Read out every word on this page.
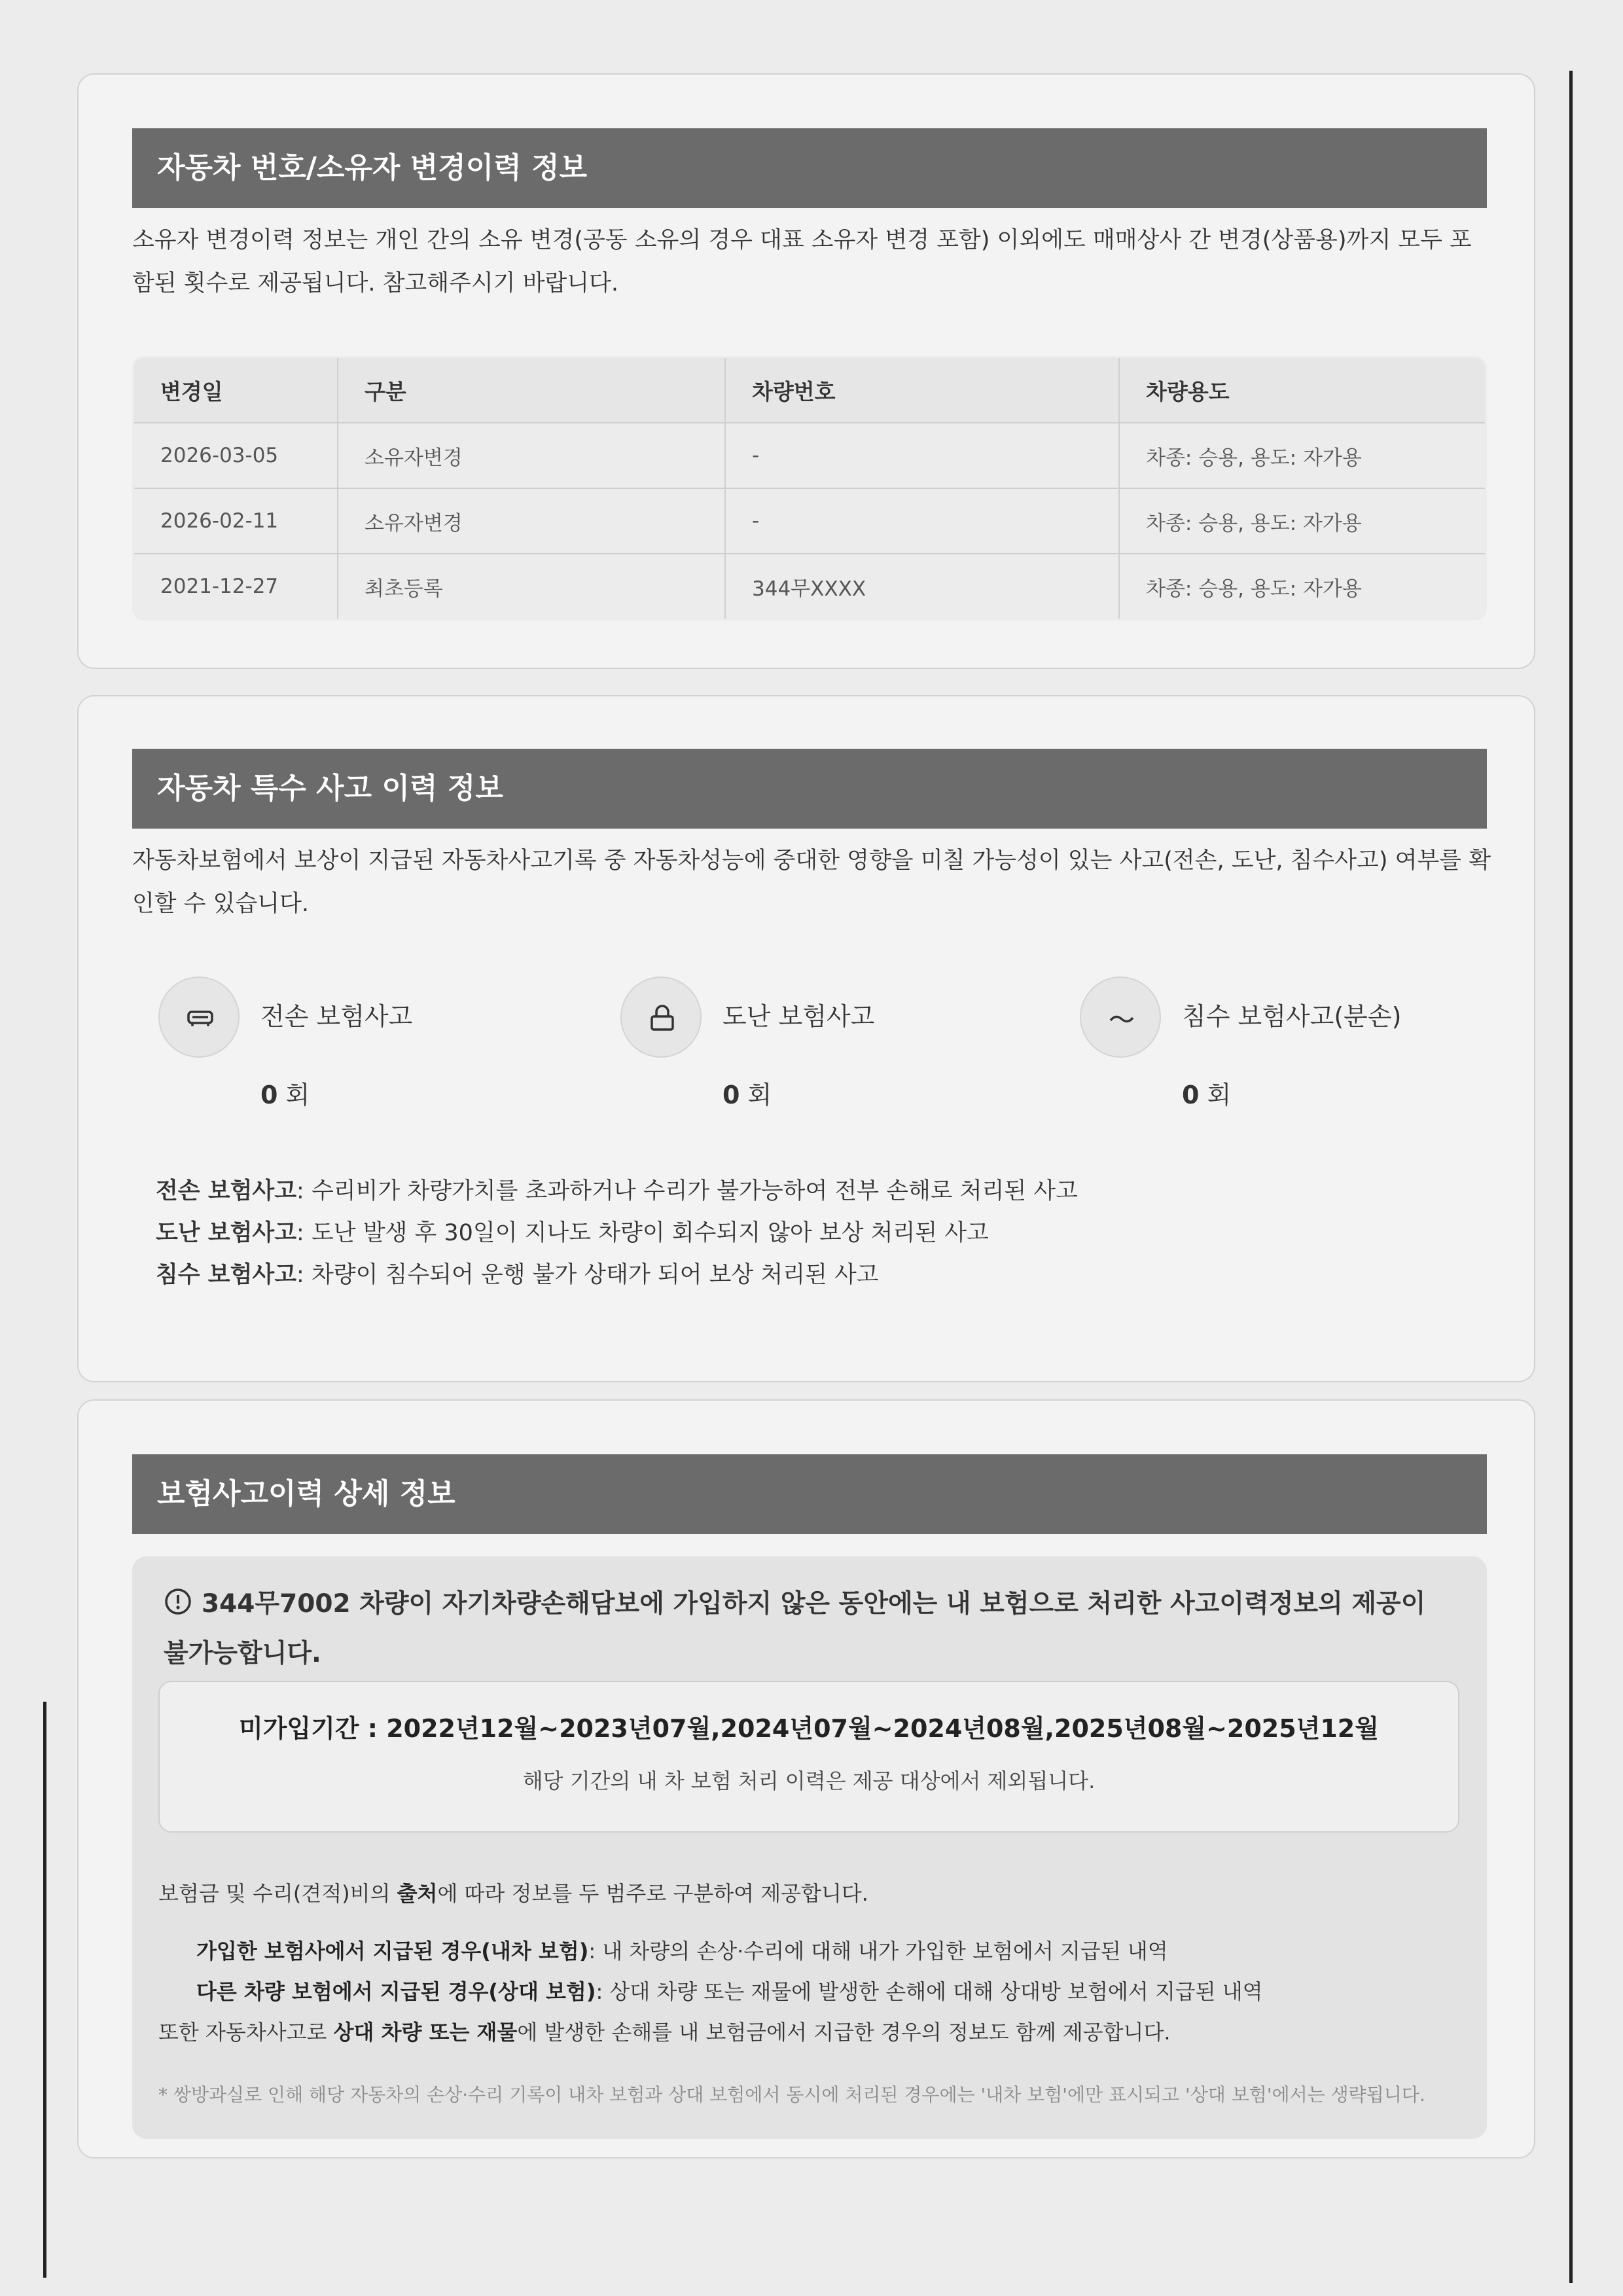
자동차 번호/소유자 변경이력 정보
소유자 변경이력 정보는 개인 간의 소유 변경(공동 소유의 경우 대표 소유자 변경 포함) 이외에도 매매상사 간 변경(상품용)까지 모두 포함된 횟수로 제공됩니다. 참고해주시기 바랍니다.
변경일	구분	차량번호	차량용도
2026-03-05	소유자변경	-	차종: 승용, 용도: 자가용
2026-02-11	소유자변경	-	차종: 승용, 용도: 자가용
2021-12-27	최초등록	344무XXXX	차종: 승용, 용도: 자가용
자동차 특수 사고 이력 정보
자동차보험에서 보상이 지급된 자동차사고기록 중 자동차성능에 중대한 영향을 미칠 가능성이 있는 사고(전손, 도난, 침수사고) 여부를 확인할 수 있습니다.
전손 보험사고
0 회
도난 보험사고
0 회
침수 보험사고(분손)
0 회
전손 보험사고: 수리비가 차량가치를 초과하거나 수리가 불가능하여 전부 손해로 처리된 사고
도난 보험사고: 도난 발생 후 30일이 지나도 차량이 회수되지 않아 보상 처리된 사고
침수 보험사고: 차량이 침수되어 운행 불가 상태가 되어 보상 처리된 사고
보험사고이력 상세 정보
344무7002 차량이 자기차량손해담보에 가입하지 않은 동안에는 내 보험으로 처리한 사고이력정보의 제공이 불가능합니다.
미가입기간 : 2022년12월~2023년07월,2024년07월~2024년08월,2025년08월~2025년12월
해당 기간의 내 차 보험 처리 이력은 제공 대상에서 제외됩니다.
보험금 및 수리(견적)비의 출처에 따라 정보를 두 범주로 구분하여 제공합니다.
가입한 보험사에서 지급된 경우(내차 보험): 내 차량의 손상·수리에 대해 내가 가입한 보험에서 지급된 내역
다른 차량 보험에서 지급된 경우(상대 보험): 상대 차량 또는 재물에 발생한 손해에 대해 상대방 보험에서 지급된 내역
또한 자동차사고로 상대 차량 또는 재물에 발생한 손해를 내 보험금에서 지급한 경우의 정보도 함께 제공합니다.
* 쌍방과실로 인해 해당 자동차의 손상·수리 기록이 내차 보험과 상대 보험에서 동시에 처리된 경우에는 '내차 보험'에만 표시되고 '상대 보험'에서는 생략됩니다.
